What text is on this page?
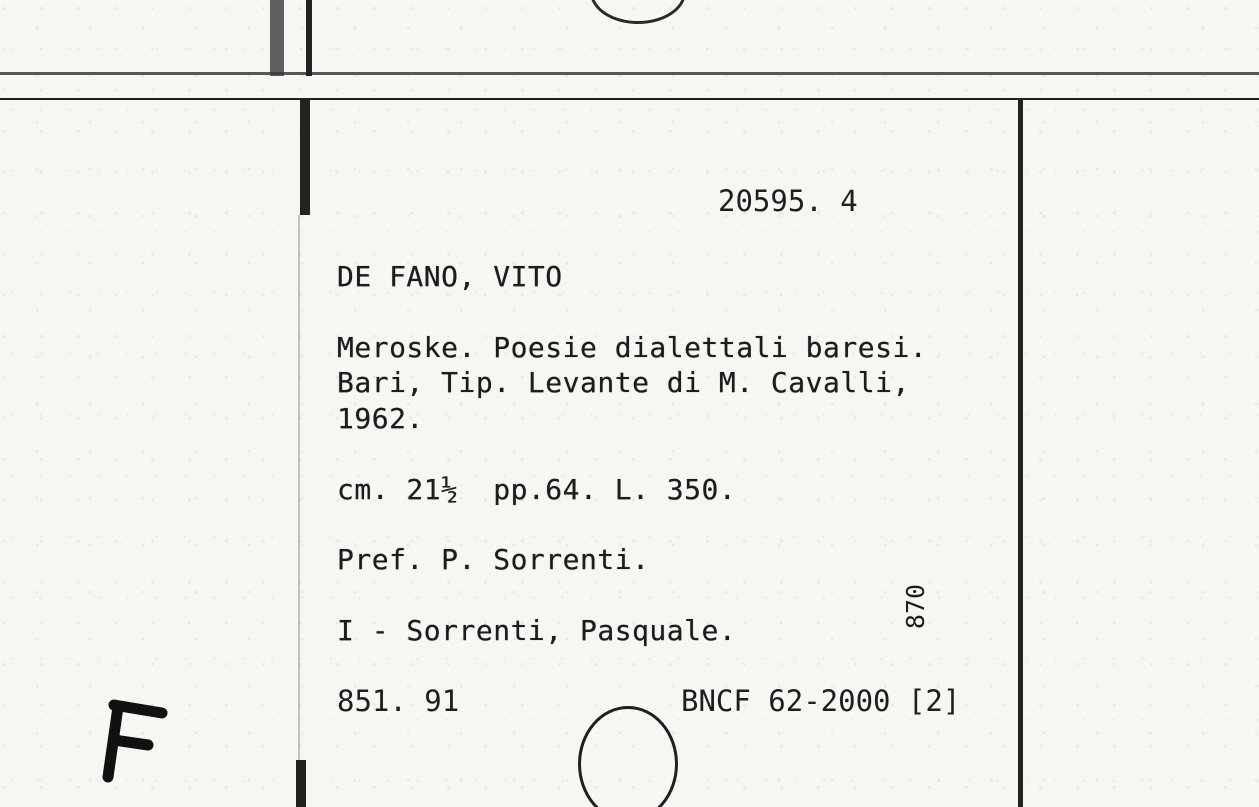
20595. 4
DE FANO, VITO
Meroske. Poesie dialettali baresi.
Bari, Tip. Levante di M. Cavalli,
1962.
cm. 21½  pp.64. L. 350.
Pref. P. Sorrenti.
I - Sorrenti, Pasquale.
870
851. 91	BNCF 62-2000 [2]
